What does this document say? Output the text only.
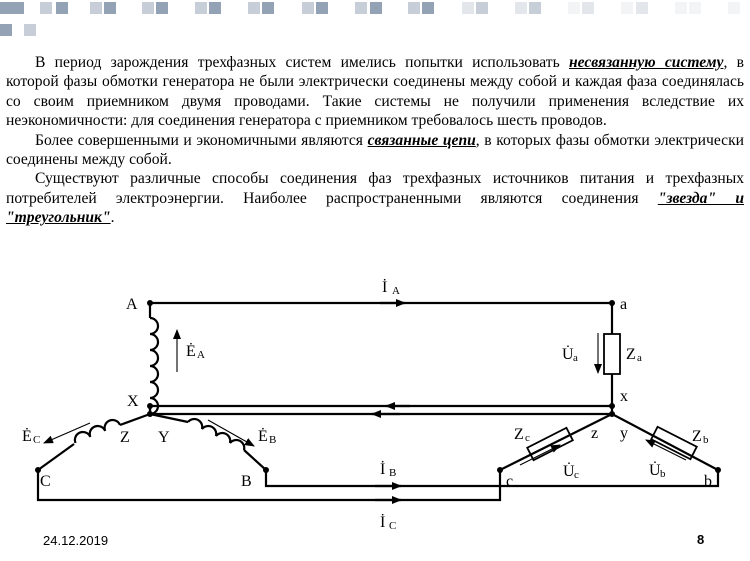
В период зарождения трехфазных систем имелись попытки использовать несвязанную систему, в которой фазы обмотки генератора не были электрически соединены между собой и каждая фаза соединялась со своим приемником двумя проводами. Такие системы не получили применения вследствие их неэкономичности: для соединения генератора с приемником требовалось шесть проводов.

Более совершенными и экономичными являются связанные цепи, в которых фазы обмотки электрически соединены между собой.

Существуют различные способы соединения фаз трехфазных источников питания и трехфазных потребителей электроэнергии. Наиболее распространенными являются соединения "звезда" и "треугольник".

A	a
X	x
Y
Z	y
z
B	b
C	c
İ A
İ B
İ C
Ė A
Ė B
Ė C
U̇ a
U̇ b
U̇ c
Z a
Z b
Z c
24.12.2019	8
